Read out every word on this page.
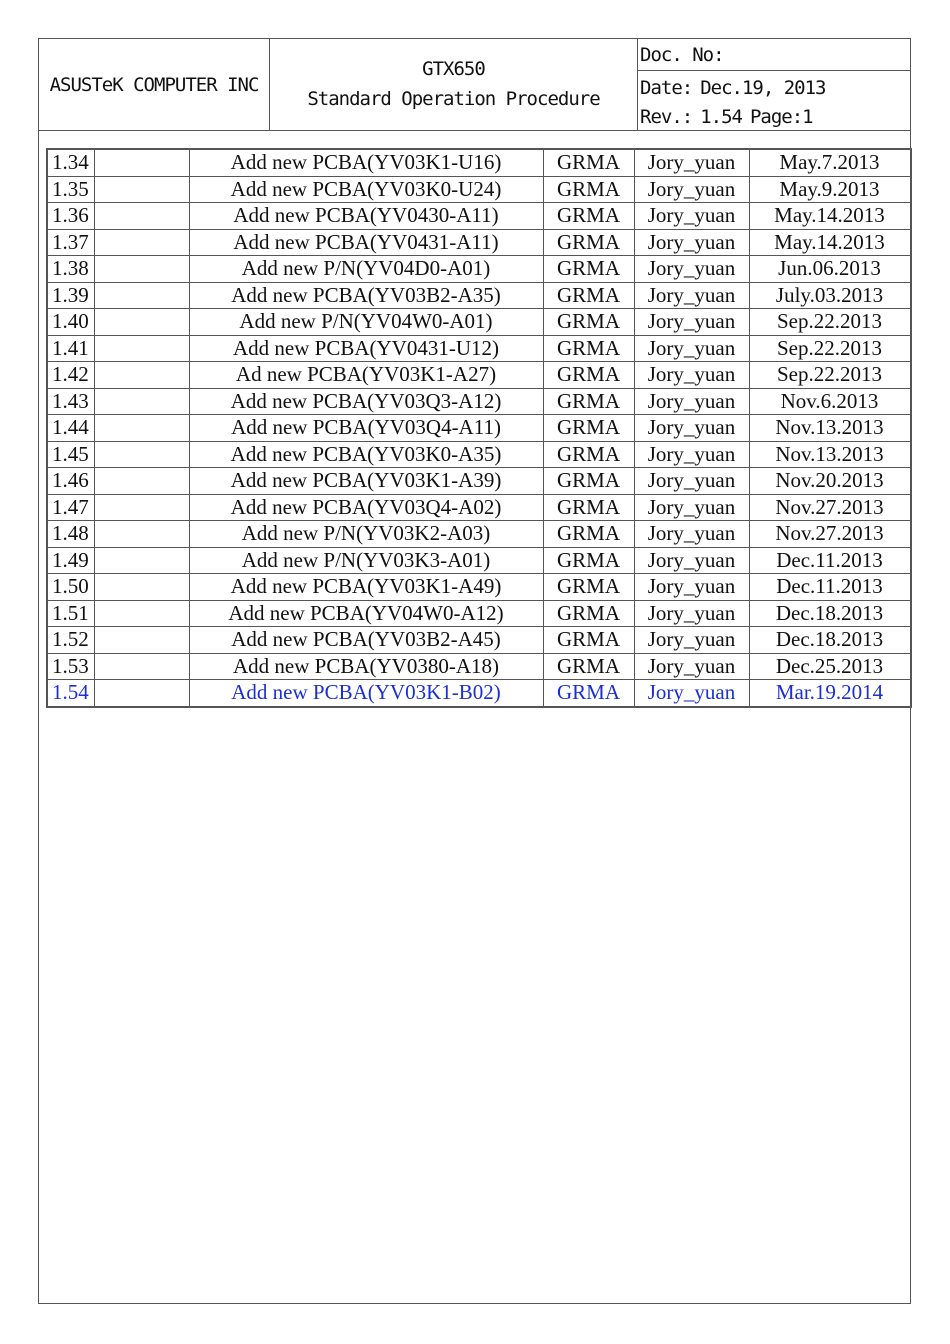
ASUSTeK COMPUTER INC
GTX650
Standard Operation Procedure
Doc. No:
Date: Dec.19, 2013
Rev.: 1.54 Page: 1
1.34		Add new PCBA(YV03K1-U16)	GRMA	Jory_yuan	May.7.2013
1.35		Add new PCBA(YV03K0-U24)	GRMA	Jory_yuan	May.9.2013
1.36		Add new PCBA(YV0430-A11)	GRMA	Jory_yuan	May.14.2013
1.37		Add new PCBA(YV0431-A11)	GRMA	Jory_yuan	May.14.2013
1.38		Add new P/N(YV04D0-A01)	GRMA	Jory_yuan	Jun.06.2013
1.39		Add new PCBA(YV03B2-A35)	GRMA	Jory_yuan	July.03.2013
1.40		Add new P/N(YV04W0-A01)	GRMA	Jory_yuan	Sep.22.2013
1.41		Add new PCBA(YV0431-U12)	GRMA	Jory_yuan	Sep.22.2013
1.42		Ad new PCBA(YV03K1-A27)	GRMA	Jory_yuan	Sep.22.2013
1.43		Add new PCBA(YV03Q3-A12)	GRMA	Jory_yuan	Nov.6.2013
1.44		Add new PCBA(YV03Q4-A11)	GRMA	Jory_yuan	Nov.13.2013
1.45		Add new PCBA(YV03K0-A35)	GRMA	Jory_yuan	Nov.13.2013
1.46		Add new PCBA(YV03K1-A39)	GRMA	Jory_yuan	Nov.20.2013
1.47		Add new PCBA(YV03Q4-A02)	GRMA	Jory_yuan	Nov.27.2013
1.48		Add new P/N(YV03K2-A03)	GRMA	Jory_yuan	Nov.27.2013
1.49		Add new P/N(YV03K3-A01)	GRMA	Jory_yuan	Dec.11.2013
1.50		Add new PCBA(YV03K1-A49)	GRMA	Jory_yuan	Dec.11.2013
1.51		Add new PCBA(YV04W0-A12)	GRMA	Jory_yuan	Dec.18.2013
1.52		Add new PCBA(YV03B2-A45)	GRMA	Jory_yuan	Dec.18.2013
1.53		Add new PCBA(YV0380-A18)	GRMA	Jory_yuan	Dec.25.2013
1.54		Add new PCBA(YV03K1-B02)	GRMA	Jory_yuan	Mar.19.2014
